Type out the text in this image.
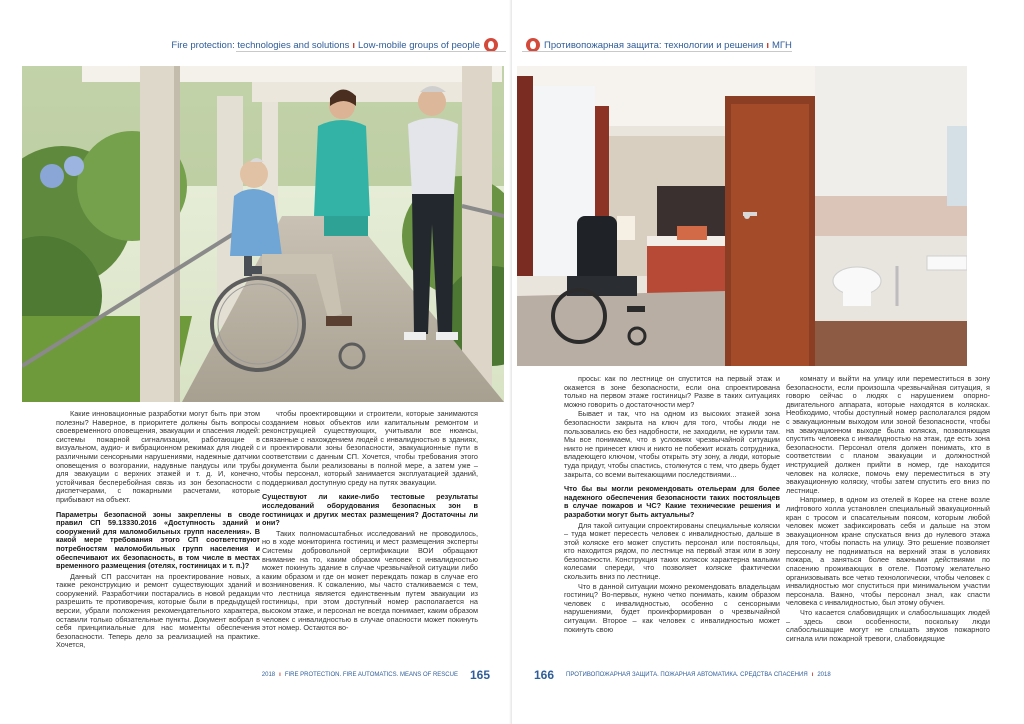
Fire protection: technologies and solutions ı Low-mobile groups of people

Какие инновационные разработки могут быть при этом полезны? Наверное, в приоритете должны быть вопросы своевременного оповещения, эвакуации и спасения людей: системы пожарной сигнализации, работающие в визуальном, аудио- и вибрационном режимах для людей с различными сенсорными нарушениями, надежные датчики оповещения о возгорании, надувные пандусы или трубы для эвакуации с верхних этажей и т. д. И, конечно, устойчивая бесперебойная связь из зон безопасности с диспетчерами, с пожарными расчетами, которые прибывают на объект.

Параметры безопасной зоны закреплены в своде правил СП 59.13330.2016 «Доступность зданий и сооружений для маломобильных групп населения». В какой мере требования этого СП соответствуют потребностям маломобильных групп населения и обеспечивают их безопасность, в том числе в местах временного размещения (отелях, гостиницах и т. п.)?

Данный СП рассчитан на проектирование новых, а также реконструкцию и ремонт существующих зданий и сооружений. Разработчики постарались в новой редакции разрешить те противоречия, которые были в предыдущей версии, убрали положения рекомендательного характера, оставили только обязательные пункты. Документ вобрал в себя принципиальные для нас моменты обеспечения безопасности. Теперь дело за реализацией на практике. Хочется,

чтобы проектировщики и строители, которые занимаются созданием новых объектов или капитальным ремонтом и реконструкцией существующих, учитывали все нюансы, связанные с нахождением людей с инвалидностью в зданиях, и проектировали зоны безопасности, эвакуационные пути в соответствии с данным СП. Хочется, чтобы требования этого документа были реализованы в полной мере, а затем уже – чтобы персонал, который занимается эксплуатацией зданий, поддерживал доступную среду на путях эвакуации.

Существуют ли какие-либо тестовые результаты исследований оборудования безопасных зон в гостиницах и других местах размещения? Достаточны ли они?

Таких полномасштабных исследований не проводилось, но в ходе мониторинга гостиниц и мест размещения эксперты Системы добровольной сертификации ВОИ обращают внимание на то, каким образом человек с инвалидностью может покинуть здание в случае чрезвычайной ситуации либо каким образом и где он может переждать пожар в случае его возникновения. К сожалению, мы часто сталкиваемся с тем, что лестница является единственным путем эвакуации из гостиницы, при этом доступный номер располагается на высоком этаже, и персонал не всегда понимает, каким образом человек с инвалидностью в случае опасности может покинуть этот номер. Остаются во-

2018 ı FIRE PROTECTION. FIRE AUTOMATICS. MEANS OF RESCUE 165
Противопожарная защита: технологии и решения ı МГН

просы: как по лестнице он спустится на первый этаж и окажется в зоне безопасности, если она спроектирована только на первом этаже гостиницы? Разве в таких ситуациях можно говорить о достаточности мер?

Бывает и так, что на одном из высоких этажей зона безопасности закрыта на ключ для того, чтобы люди не пользовались ею без надобности, не заходили, не курили там. Мы все понимаем, что в условиях чрезвычайной ситуации никто не принесет ключ и никто не побежит искать сотрудника, владеющего ключом, чтобы открыть эту зону, а люди, которые туда придут, чтобы спастись, столкнутся с тем, что дверь будет закрыта, со всеми вытекающими последствиями...

Что бы вы могли рекомендовать отельерам для более надежного обеспечения безопасности таких постояльцев в случае пожаров и ЧС? Какие технические решения и разработки могут быть актуальны?

Для такой ситуации спроектированы специальные коляски – туда может пересесть человек с инвалидностью, дальше в этой коляске его может спустить персонал или постояльцы, кто находится рядом, по лестнице на первый этаж или в зону безопасности. Конструкция таких колясок характерна малыми колесами спереди, что позволяет коляске фактически скользить вниз по лестнице.

Что в данной ситуации можно рекомендовать владельцам гостиниц? Во-первых, нужно четко понимать, каким образом человек с инвалидностью, особенно с сенсорными нарушениями, будет проинформирован о чрезвычайной ситуации. Второе – как человек с инвалидностью может покинуть свою

комнату и выйти на улицу или переместиться в зону безопасности, если произошла чрезвычайная ситуация, я говорю сейчас о людях с нарушением опорно-двигательного аппарата, которые находятся в колясках. Необходимо, чтобы доступный номер располагался рядом с эвакуационным выходом или зоной безопасности, чтобы на эвакуационном выходе была коляска, позволяющая спустить человека с инвалидностью на этаж, где есть зона безопасности. Персонал отеля должен понимать, кто в соответствии с планом эвакуации и должностной инструкцией должен прийти в номер, где находится человек на коляске, помочь ему переместиться в эту эвакуационную коляску, чтобы затем спустить его вниз по лестнице.

Например, в одном из отелей в Корее на стене возле лифтового холла установлен специальный эвакуационный кран с тросом и спасательным поясом, которым любой человек может зафиксировать себя и дальше на этом эвакуационном кране спускаться вниз до нулевого этажа для того, чтобы попасть на улицу. Это решение позволяет персоналу не подниматься на верхний этаж в условиях пожара, а заняться более важными действиями по спасению проживающих в отеле. Поэтому желательно организовывать все четко технологически, чтобы человек с инвалидностью мог спуститься при минимальном участии персонала. Важно, чтобы персонал знал, как спасти человека с инвалидностью, был этому обучен.

Что касается слабовидящих и слабослышащих людей – здесь свои особенности, поскольку люди слабослышащие могут не слышать звуков пожарного сигнала или пожарной тревоги, слабовидящие

166 ПРОТИВОПОЖАРНАЯ ЗАЩИТА. ПОЖАРНАЯ АВТОМАТИКА. СРЕДСТВА СПАСЕНИЯ ı 2018
